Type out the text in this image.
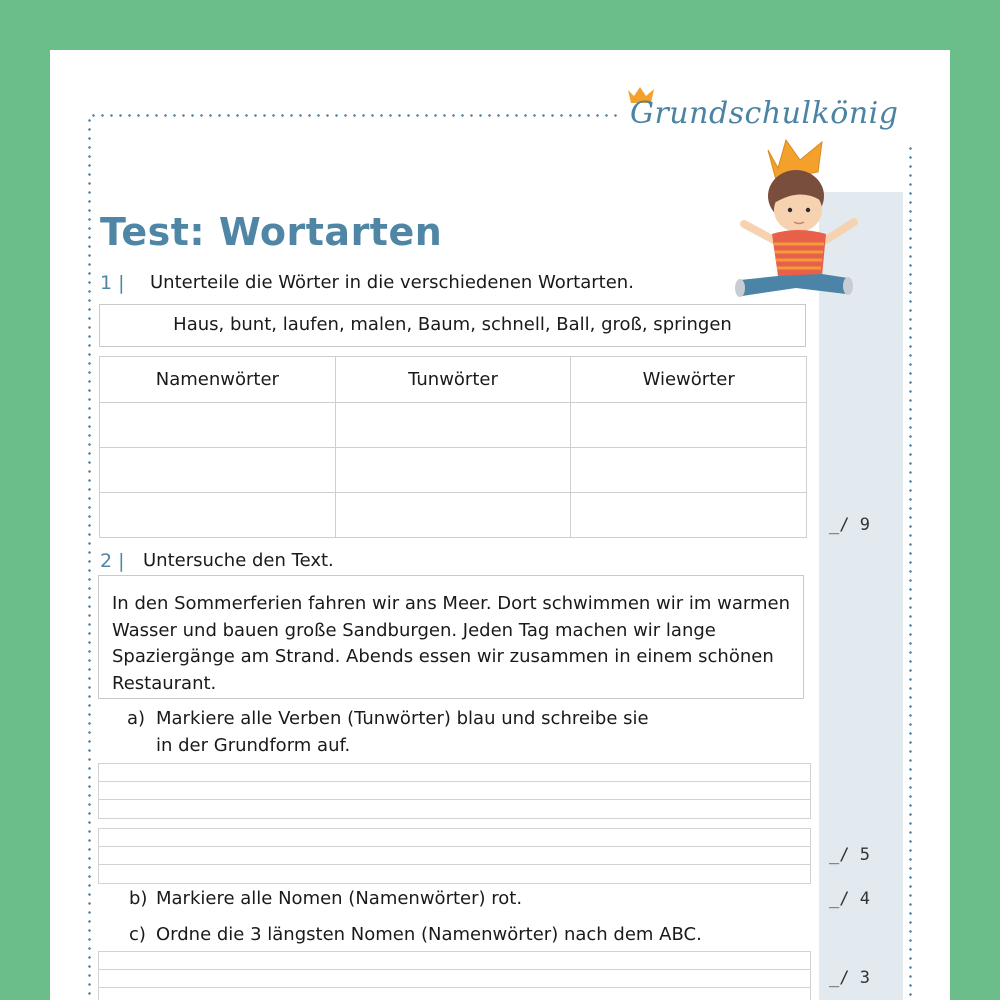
Grundschulkönig
Test: Wortarten
1 | Unterteile die Wörter in die verschiedenen Wortarten.
Haus, bunt, laufen, malen, Baum, schnell, Ball, groß, springen
Namenwörter	Tunwörter	Wiewörter

_/ 9
2 | Untersuche den Text.
In den Sommerferien fahren wir ans Meer. Dort schwimmen wir im warmen
Wasser und bauen große Sandburgen. Jeden Tag machen wir lange
Spaziergänge am Strand. Abends essen wir zusammen in einem schönen
Restaurant.
a) Markiere alle Verben (Tunwörter) blau und schreibe sie
in der Grundform auf.
_/ 5
b) Markiere alle Nomen (Namenwörter) rot.	_/ 4
c) Ordne die 3 längsten Nomen (Namenwörter) nach dem ABC.
_/ 3
